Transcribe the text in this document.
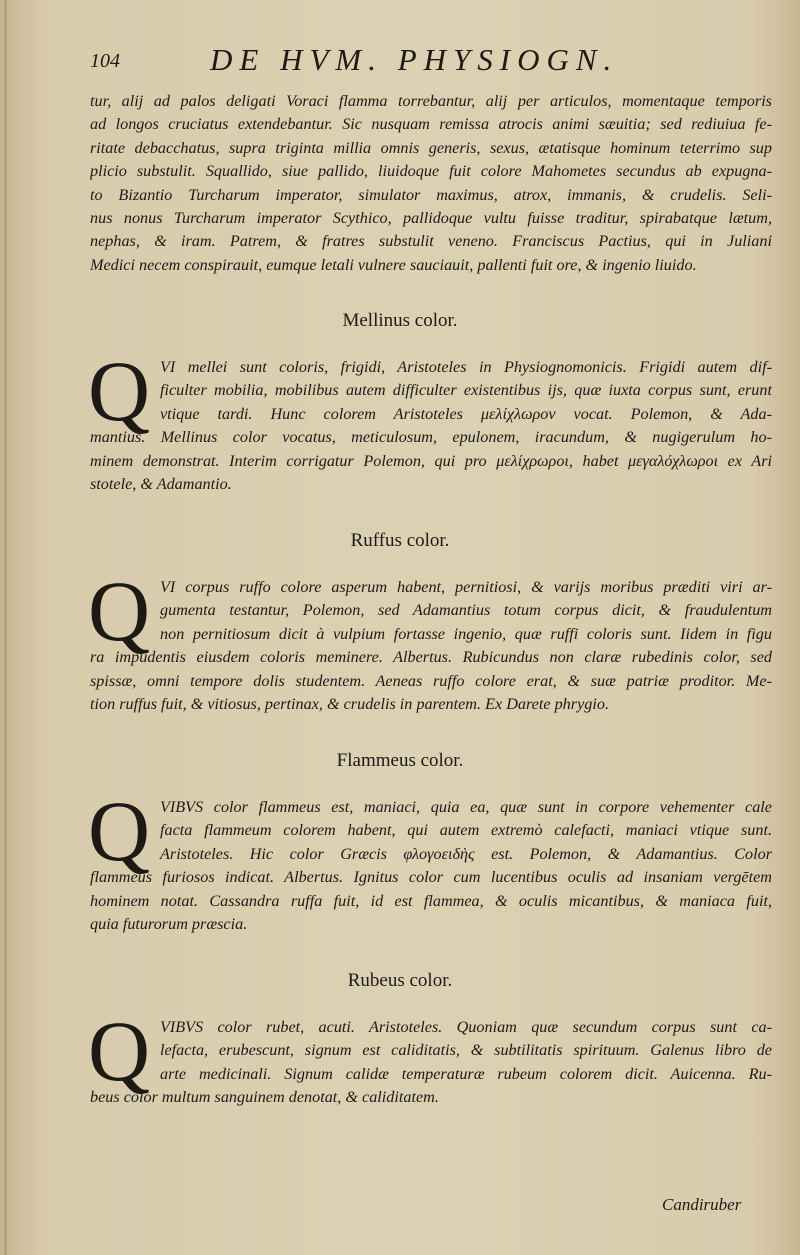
104	DE HVM. PHYSIOGN.
tur, alij ad palos deligati Voraci flamma torrebantur, alij per articulos, momentaque temporis
ad longos cruciatus extendebantur. Sic nusquam remissa atrocis animi sæuitia; sed rediuiua fe-
ritate debacchatus, supra triginta millia omnis generis, sexus, ætatisque hominum teterrimo sup
plicio substulit. Squallido, siue pallido, liuidoque fuit colore Mahometes secundus ab expugna-
to Bizantio Turcharum imperator, simulator maximus, atrox, immanis, & crudelis. Seli-
nus nonus Turcharum imperator Scythico, pallidoque vultu fuisse traditur, spirabatque lætum,
nephas, & iram. Patrem, & fratres substulit veneno. Franciscus Pactius, qui in Juliani
Medici necem conspirauit, eumque letali vulnere sauciauit, pallenti fuit ore, & ingenio liuido.
Mellinus color.
Q VI mellei sunt coloris, frigidi, Aristoteles in Physiognomonicis. Frigidi autem dif-
ficulter mobilia, mobilibus autem difficulter existentibus ijs, quæ iuxta corpus sunt, erunt
vtique tardi. Hunc colorem Aristoteles μελίχλωρον vocat. Polemon, & Ada-
mantius. Mellinus color vocatus, meticulosum, epulonem, iracundum, & nugigerulum ho-
minem demonstrat. Interim corrigatur Polemon, qui pro μελίχρωροι, habet μεγαλόχλωροι ex Ari
stotele, & Adamantio.
Ruffus color.
Q VI corpus ruffo colore asperum habent, pernitiosi, & varijs moribus præditi viri ar-
gumenta testantur, Polemon, sed Adamantius totum corpus dicit, & fraudulentum
non pernitiosum dicit à vulpium fortasse ingenio, quæ ruffi coloris sunt. Iidem in figu
ra impudentis eiusdem coloris meminere. Albertus. Rubicundus non claræ rubedinis color, sed
spissæ, omni tempore dolis studentem. Aeneas ruffo colore erat, & suæ patriæ proditor. Me-
tion ruffus fuit, & vitiosus, pertinax, & crudelis in parentem. Ex Darete phrygio.
Flammeus color.
Q VIBVS color flammeus est, maniaci, quia ea, quæ sunt in corpore vehementer cale
facta flammeum colorem habent, qui autem extremò calefacti, maniaci vtique sunt.
Aristoteles. Hic color Græcis φλογοειδὴς est. Polemon, & Adamantius. Color
flammeus furiosos indicat. Albertus. Ignitus color cum lucentibus oculis ad insaniam vergētem
hominem notat. Cassandra ruffa fuit, id est flammea, & oculis micantibus, & maniaca fuit,
quia futurorum præscia.
Rubeus color.
Q VIBVS color rubet, acuti. Aristoteles. Quoniam quæ secundum corpus sunt ca-
lefacta, erubescunt, signum est caliditatis, & subtilitatis spirituum. Galenus libro de
arte medicinali. Signum calidæ temperaturæ rubeum colorem dicit. Auicenna. Ru-
beus color multum sanguinem denotat, & caliditatem.
Candiruber
